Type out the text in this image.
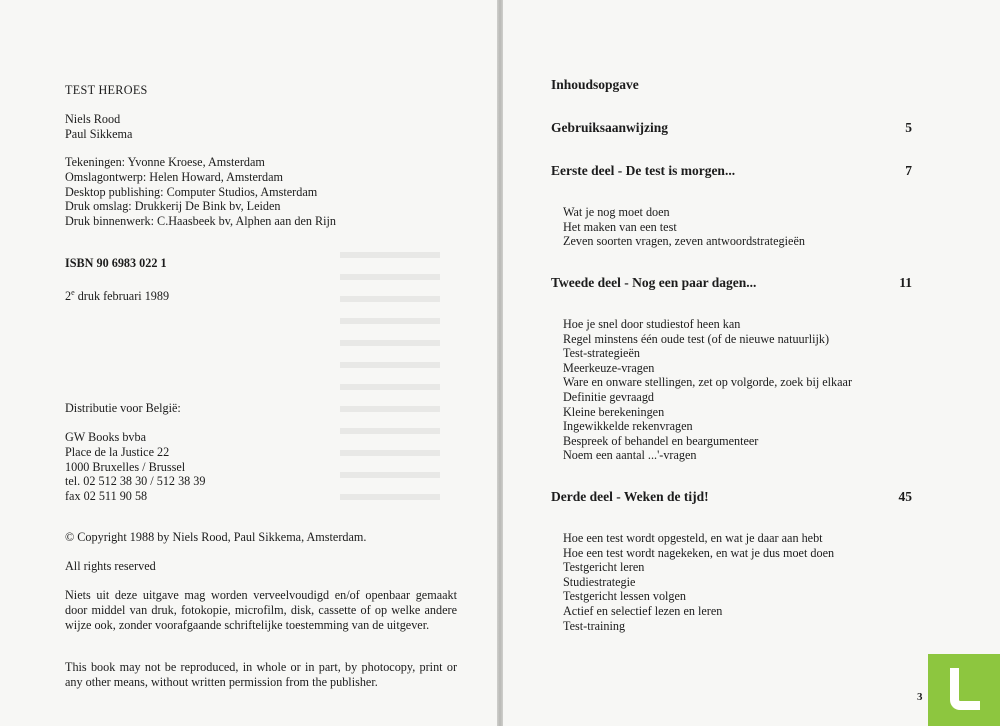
TEST HEROES

Niels Rood

Paul Sikkema

Tekeningen: Yvonne Kroese, Amsterdam

Omslagontwerp: Helen Howard, Amsterdam

Desktop publishing: Computer Studios, Amsterdam

Druk omslag: Drukkerij De Bink bv, Leiden

Druk binnenwerk: C.Haasbeek bv, Alphen aan den Rijn

ISBN 90 6983 022 1
2e druk februari 1989
Distributie voor België:

GW Books bvba

Place de la Justice 22

1000 Bruxelles / Brussel

tel. 02 512 38 30 / 512 38 39

fax 02 511 90 58

© Copyright 1988 by Niels Rood, Paul Sikkema, Amsterdam.
All rights reserved
Niets uit deze uitgave mag worden verveelvoudigd en/of openbaar gemaakt door middel van druk, fotokopie, microfilm, disk, cassette of op welke andere wijze ook, zonder voorafgaande schriftelijke toestemming van de uitgever.
This book may not be reproduced, in whole or in part, by photocopy, print or any other means, without written permission from the publisher.
Inhoudsopgave
Gebruiksaanwijzing	5
Eerste deel - De test is morgen...	7
Wat je nog moet doen
Het maken van een test
Zeven soorten vragen, zeven antwoordstrategieën
Tweede deel - Nog een paar dagen...	11
Hoe je snel door studiestof heen kan
Regel minstens één oude test (of de nieuwe natuurlijk)
Test-strategieën
Meerkeuze-vragen
Ware en onware stellingen, zet op volgorde, zoek bij elkaar
Definitie gevraagd
Kleine berekeningen
Ingewikkelde rekenvragen
Bespreek of behandel en beargumenteer
Noem een aantal ...'-vragen
Derde deel - Weken de tijd!	45
Hoe een test wordt opgesteld, en wat je daar aan hebt
Hoe een test wordt nagekeken, en wat je dus moet doen
Testgericht leren
Studiestrategie
Testgericht lessen volgen
Actief en selectief lezen en leren
Test-training
3
